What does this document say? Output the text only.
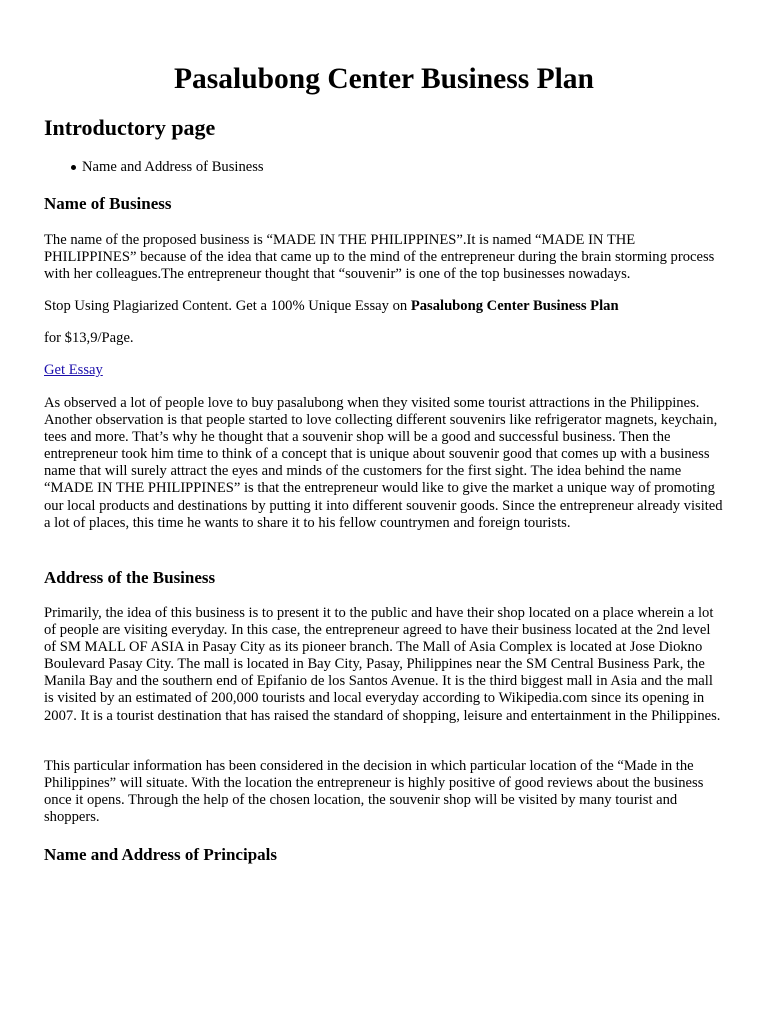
Pasalubong Center Business Plan
Introductory page
Name and Address of Business
Name of Business

The name of the proposed business is “MADE IN THE PHILIPPINES”.It is named “MADE IN THE PHILIPPINES” because of the idea that came up to the mind of the entrepreneur during the brain storming process with her colleagues.The entrepreneur thought that “souvenir” is one of the top businesses nowadays.

Stop Using Plagiarized Content. Get a 100% Unique Essay on Pasalubong Center Business Plan

for $13,9/Page.

Get Essay

As observed a lot of people love to buy pasalubong when they visited some tourist attractions in the Philippines. Another observation is that people started to love collecting different souvenirs like refrigerator magnets, keychain, tees and more. That’s why he thought that a souvenir shop will be a good and successful business. Then the entrepreneur took him time to think of a concept that is unique about souvenir good that comes up with a business name that will surely attract the eyes and minds of the customers for the first sight. The idea behind the name “MADE IN THE PHILIPPINES” is that the entrepreneur would like to give the market a unique way of promoting our local products and destinations by putting it into different souvenir goods. Since the entrepreneur already visited a lot of places, this time he wants to share it to his fellow countrymen and foreign tourists.

Address of the Business

Primarily, the idea of this business is to present it to the public and have their shop located on a place wherein a lot of people are visiting everyday. In this case, the entrepreneur agreed to have their business located at the 2nd level of SM MALL OF ASIA in Pasay City as its pioneer branch. The Mall of Asia Complex is located at Jose Diokno Boulevard Pasay City. The mall is located in Bay City, Pasay, Philippines near the SM Central Business Park, the Manila Bay and the southern end of Epifanio de los Santos Avenue. It is the third biggest mall in Asia and the mall is visited by an estimated of 200,000 tourists and local everyday according to Wikipedia.com since its opening in 2007. It is a tourist destination that has raised the standard of shopping, leisure and entertainment in the Philippines.

This particular information has been considered in the decision in which particular location of the “Made in the Philippines” will situate. With the location the entrepreneur is highly positive of good reviews about the business once it opens. Through the help of the chosen location, the souvenir shop will be visited by many tourist and shoppers.

Name and Address of Principals
